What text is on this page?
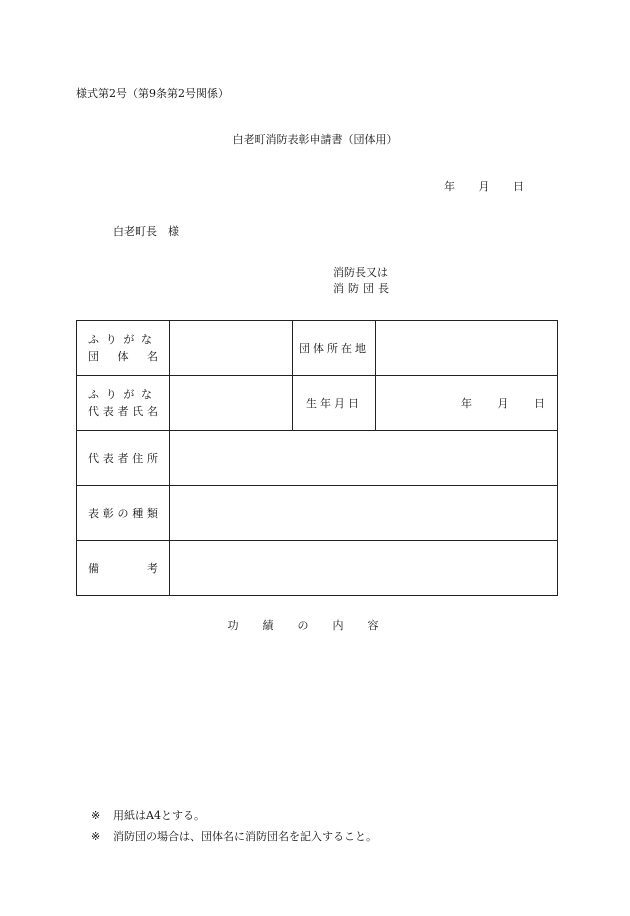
様式第2号（第9条第2号関係）
白老町消防表彰申請書（団体用）
年 月 日
白老町長　様
消防長又は
消防団長
ふりがな
団体名		団体所在地	

ふりがな
代表者氏名		生年月日	年 月 日

代表者住所			

表彰の種類			

備考			

功績の内容
※ 用紙はA4とする。
※ 消防団の場合は、団体名に消防団名を記入すること。
